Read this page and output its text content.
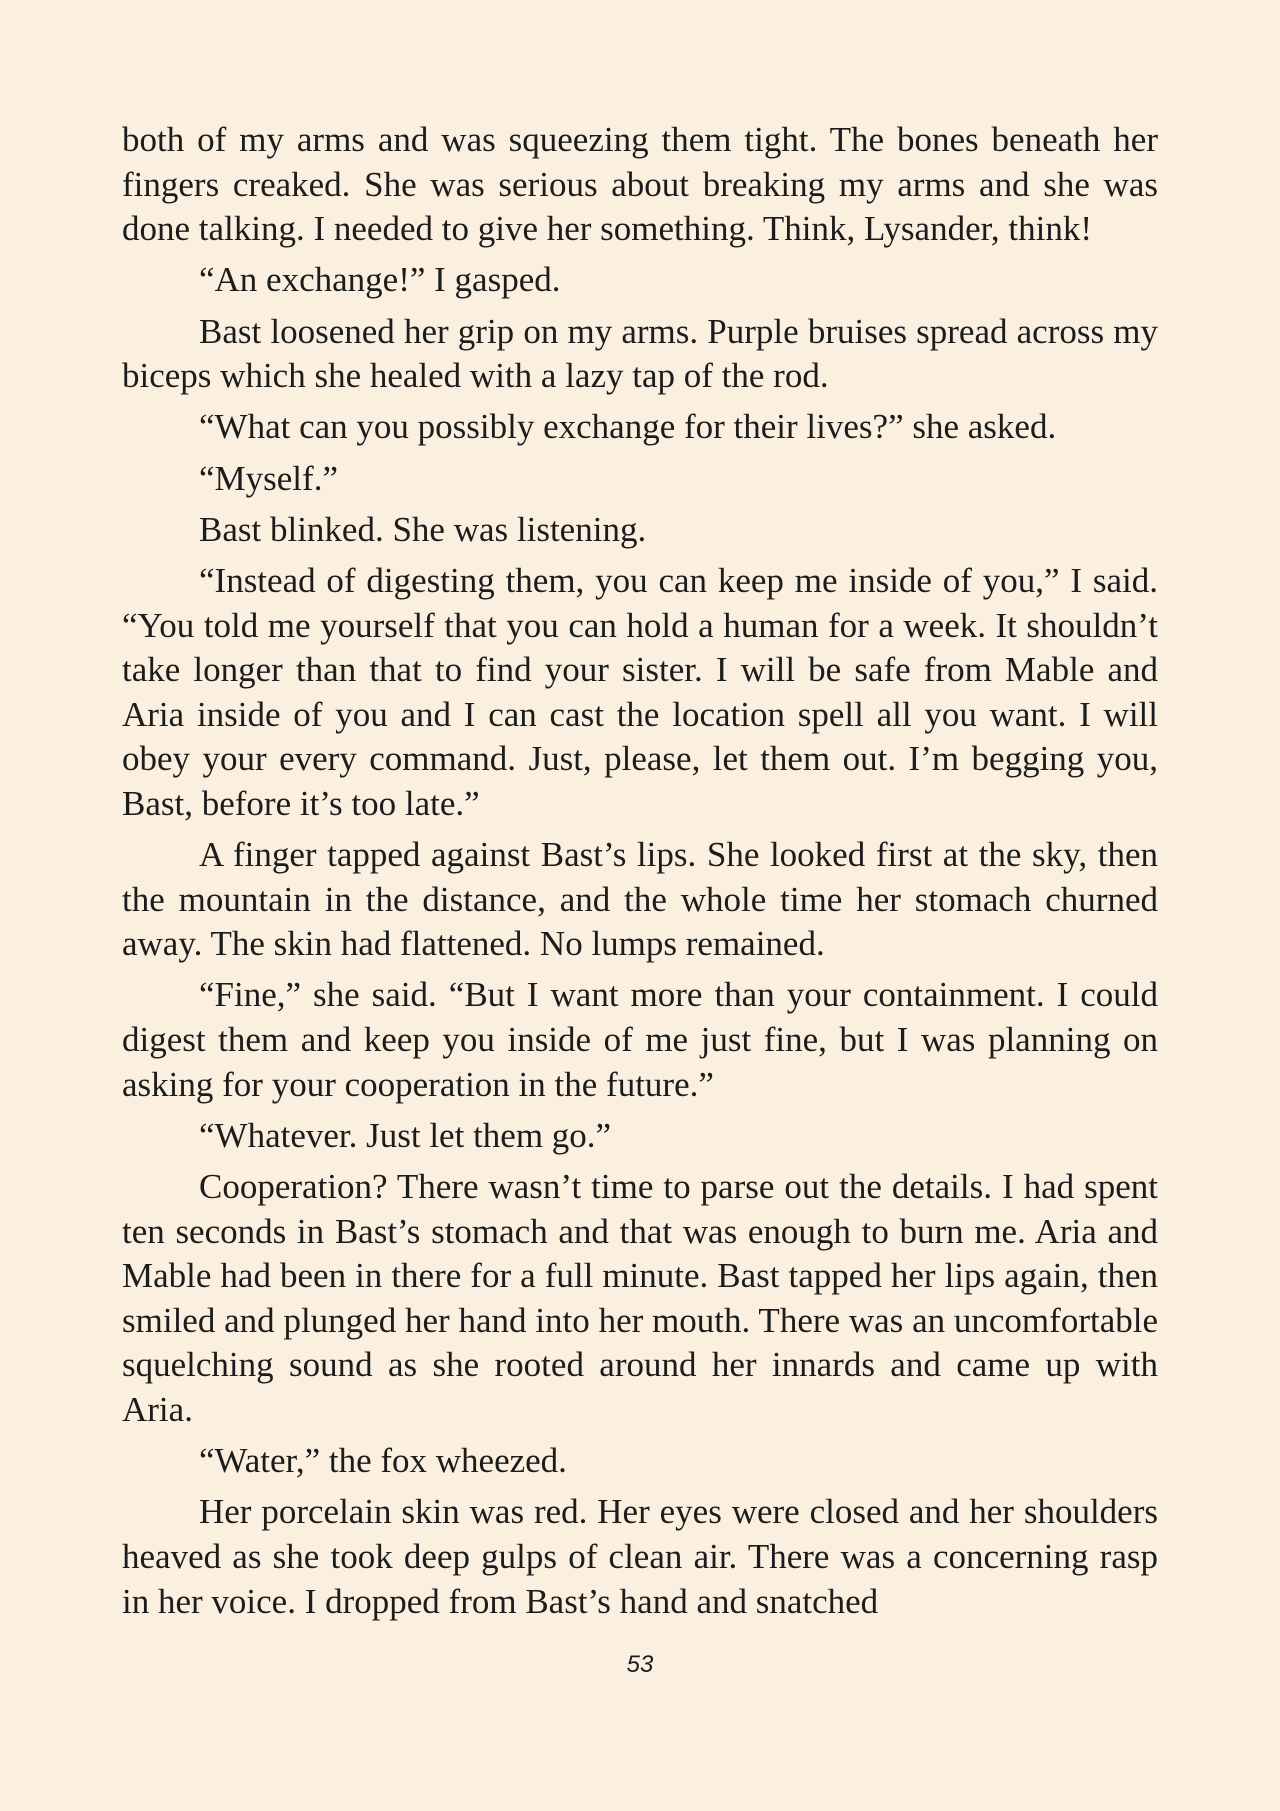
both of my arms and was squeezing them tight. The bones beneath her fingers creaked. She was serious about breaking my arms and she was done talking. I needed to give her something. Think, Lysander, think!

“An exchange!” I gasped.

Bast loosened her grip on my arms. Purple bruises spread across my biceps which she healed with a lazy tap of the rod.

“What can you possibly exchange for their lives?” she asked.

“Myself.”

Bast blinked. She was listening.

“Instead of digesting them, you can keep me inside of you,” I said. “You told me yourself that you can hold a human for a week. It shouldn’t take longer than that to find your sister. I will be safe from Mable and Aria inside of you and I can cast the location spell all you want. I will obey your every command. Just, please, let them out. I’m begging you, Bast, before it’s too late.”

A finger tapped against Bast’s lips. She looked first at the sky, then the mountain in the distance, and the whole time her stomach churned away. The skin had flattened. No lumps remained.

“Fine,” she said. “But I want more than your containment. I could digest them and keep you inside of me just fine, but I was planning on asking for your cooperation in the future.”

“Whatever. Just let them go.”

Cooperation? There wasn’t time to parse out the details. I had spent ten seconds in Bast’s stomach and that was enough to burn me. Aria and Mable had been in there for a full minute. Bast tapped her lips again, then smiled and plunged her hand into her mouth. There was an uncomfortable squelching sound as she rooted around her innards and came up with Aria.

“Water,” the fox wheezed.

Her porcelain skin was red. Her eyes were closed and her shoulders heaved as she took deep gulps of clean air. There was a concerning rasp in her voice. I dropped from Bast’s hand and snatched

53
